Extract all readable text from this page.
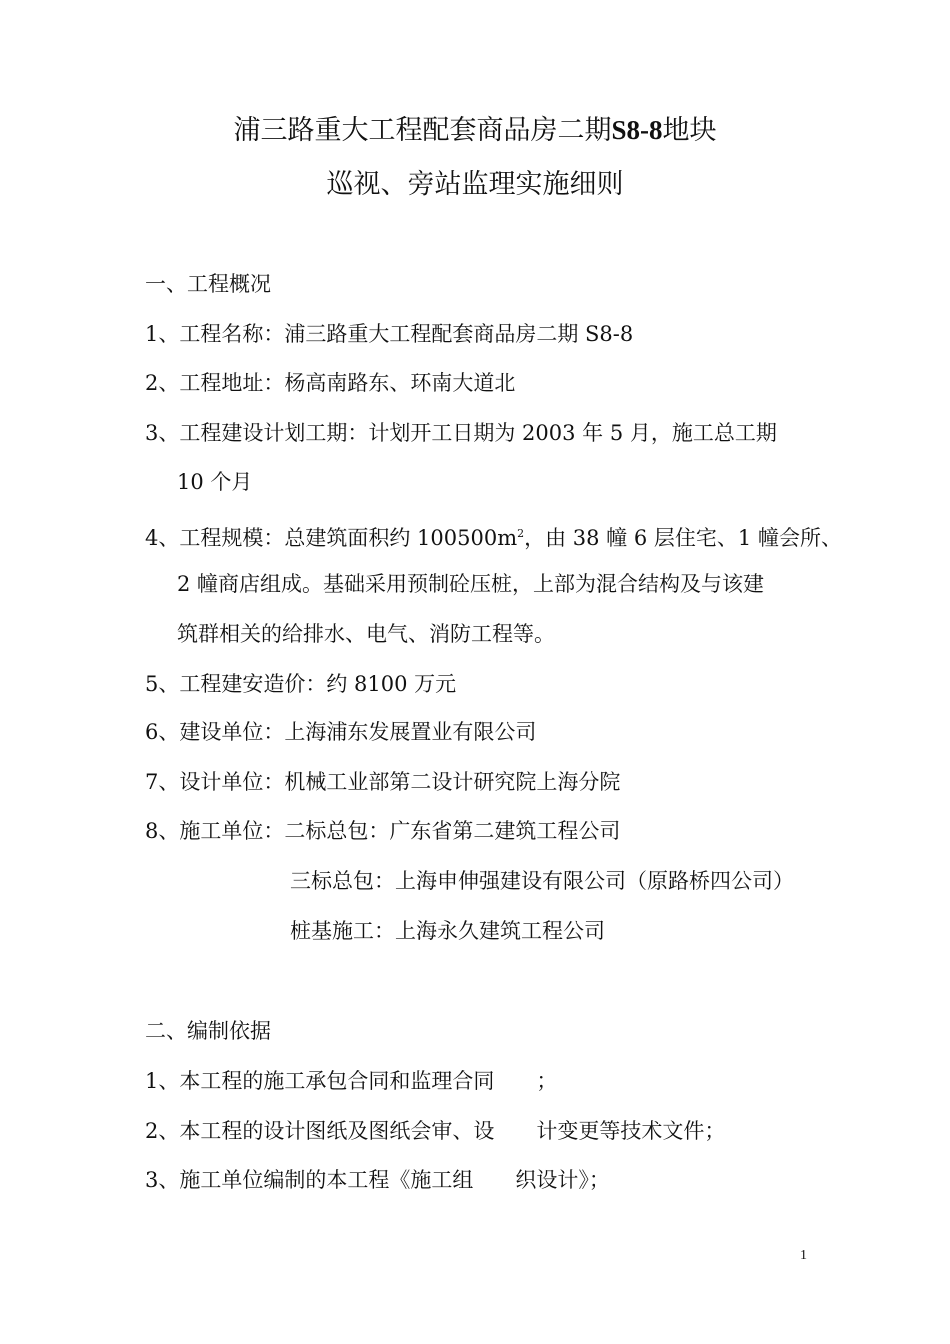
浦三路重大工程配套商品房二期S8-8地块
巡视、旁站监理实施细则
一、工程概况
1、工程名称：浦三路重大工程配套商品房二期 S8-8
2、工程地址：杨高南路东、环南大道北
3、工程建设计划工期：计划开工日期为 2003 年 5 月，施工总工期
10 个月
4、工程规模：总建筑面积约 $100500m^2$，由 38 幢 6 层住宅、1 幢会所、
2 幢商店组成。基础采用预制砼压桩，上部为混合结构及与该建
筑群相关的给排水、电气、消防工程等。
5、工程建安造价：约 8100 万元
6、建设单位：上海浦东发展置业有限公司
7、设计单位：机械工业部第二设计研究院上海分院
8、施工单位：二标总包：广东省第二建筑工程公司
三标总包：上海申伸强建设有限公司（原路桥四公司）
桩基施工：上海永久建筑工程公司
二、编制依据
1、本工程的施工承包合同和监理合同　　；
2、本工程的设计图纸及图纸会审、设　　计变更等技术文件；
3、施工单位编制的本工程《施工组　　织设计》；
1
